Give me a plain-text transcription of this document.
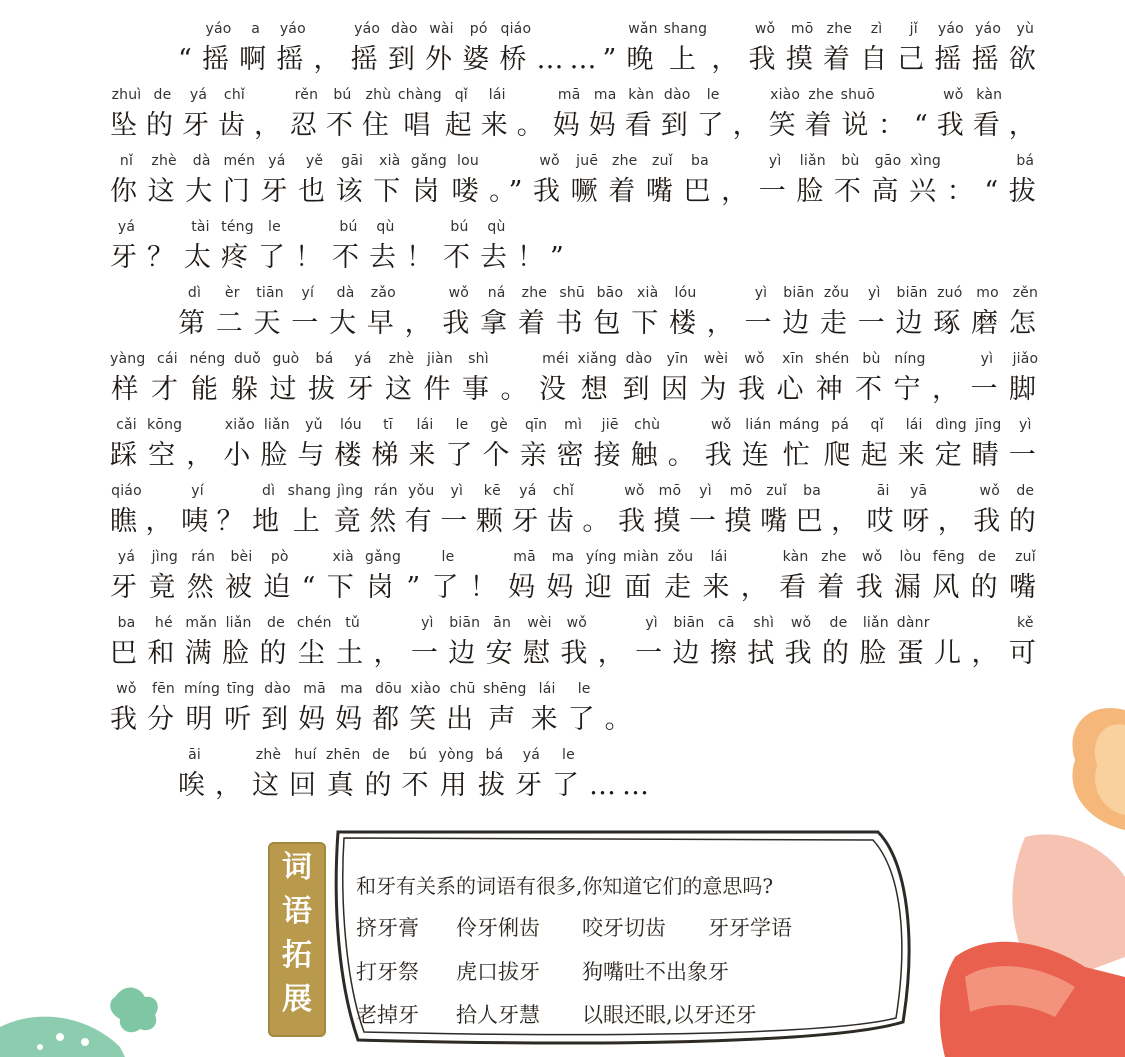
“
yáo
摇
a
啊
yáo
摇 ，
yáo
摇
dào
到
wài
外
pó
婆
qiáo
桥 ……”
wǎn
晚
shang
上 ，
wǒ
我
mō
摸
zhe
着
zì
自
jǐ
己
yáo
摇
yáo
摇
yù
欲
zhuì
坠
de
的
yá
牙
chǐ
齿 ，
rěn
忍
bú
不
zhù
住
chàng
唱
qǐ
起
lái
来 。
mā
妈
ma
妈
kàn
看
dào
到
le
了 ，
xiào
笑
zhe
着
shuō
说 ： “
wǒ
我
kàn
看 ，
nǐ
你
zhè
这
dà
大
mén
门
yá
牙
yě
也
gāi
该
xià
下
gǎng
岗
lou
喽 。”
wǒ
我
juē
噘
zhe
着
zuǐ
嘴
ba
巴 ，
yì
一
liǎn
脸
bù
不
gāo
高
xìng
兴 ： “
bá
拔
yá
牙 ？
tài
太
téng
疼
le
了 ！
bú
不
qù
去 ！
bú
不
qù
去 ！”
dì
第
èr
二
tiān
天
yí
一
dà
大
zǎo
早 ，
wǒ
我
ná
拿
zhe
着
shū
书
bāo
包
xià
下
lóu
楼 ，
yì
一
biān
边
zǒu
走
yì
一
biān
边
zuó
琢
mo
磨
zěn
怎
yàng
样
cái
才
néng
能
duǒ
躲
guò
过
bá
拔
yá
牙
zhè
这
jiàn
件
shì
事 。
méi
没
xiǎng
想
dào
到
yīn
因
wèi
为
wǒ
我
xīn
心
shén
神
bù
不
níng
宁 ，
yì
一
jiǎo
脚
cǎi
踩
kōng
空 ，
xiǎo
小
liǎn
脸
yǔ
与
lóu
楼
tī
梯
lái
来
le
了
gè
个
qīn
亲
mì
密
jiē
接
chù
触 。
wǒ
我
lián
连
máng
忙
pá
爬
qǐ
起
lái
来
dìng
定
jīng
睛
yì
一
qiáo
瞧 ，
yí
咦 ？
dì
地
shang
上
jìng
竟
rán
然
yǒu
有
yì
一
kē
颗
yá
牙
chǐ
齿 。
wǒ
我
mō
摸
yì
一
mō
摸
zuǐ
嘴
ba
巴 ，
āi
哎
yā
呀 ，
wǒ
我
de
的
yá
牙
jìng
竟
rán
然
bèi
被
pò
迫 “
xià
下
gǎng
岗 ”
le
了 ！
mā
妈
ma
妈
yíng
迎
miàn
面
zǒu
走
lái
来 ，
kàn
看
zhe
着
wǒ
我
lòu
漏
fēng
风
de
的
zuǐ
嘴
ba
巴
hé
和
mǎn
满
liǎn
脸
de
的
chén
尘
tǔ
土 ，
yì
一
biān
边
ān
安
wèi
慰
wǒ
我 ，
yì
一
biān
边
cā
擦
shì
拭
wǒ
我
de
的
liǎn
脸
dànr
蛋 儿 ，
kě
可
wǒ
我
fēn
分
míng
明
tīng
听
dào
到
mā
妈
ma
妈
dōu
都
xiào
笑
chū
出
shēng
声
lái
来
le
了 。
āi
唉 ，
zhè
这
huí
回
zhēn
真
de
的
bú
不
yòng
用
bá
拔
yá
牙
le
了 ……
词
语
拓
展
和牙有关系的词语有很多,你知道它们的意思吗?
挤牙膏 伶牙俐齿 咬牙切齿 牙牙学语
打牙祭 虎口拔牙 狗嘴吐不出象牙
老掉牙 拾人牙慧 以眼还眼,以牙还牙
